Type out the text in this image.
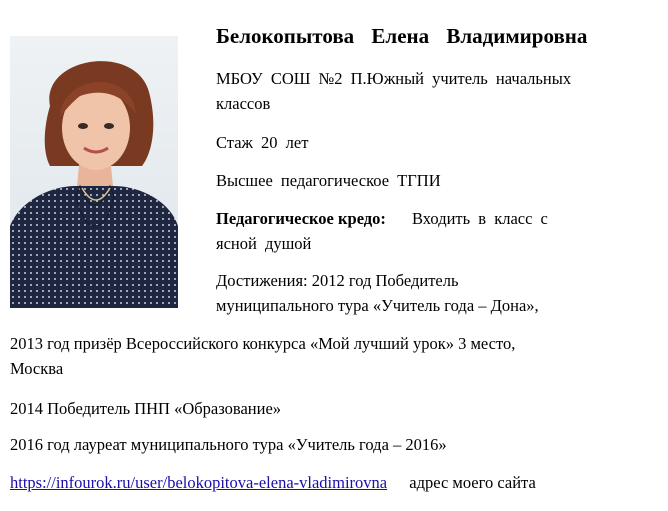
Белокопытова Елена Владимировна
МБОУ СОШ №2 П.Южный учитель начальных
классов
Стаж 20 лет
Высшее педагогическое ТГПИ
Педагогическое кредо: Входить в класс с
ясной душой
Достижения: 2012 год Победитель
муниципального тура «Учитель года – Дона»,
2013 год призёр Всероссийского конкурса «Мой лучший урок» 3 место,
Москва
2014 Победитель ПНП «Образование»
2016 год лауреат муниципального тура «Учитель года – 2016»
https://infourok.ru/user/belokopitova-elena-vladimirovna адрес моего сайта
